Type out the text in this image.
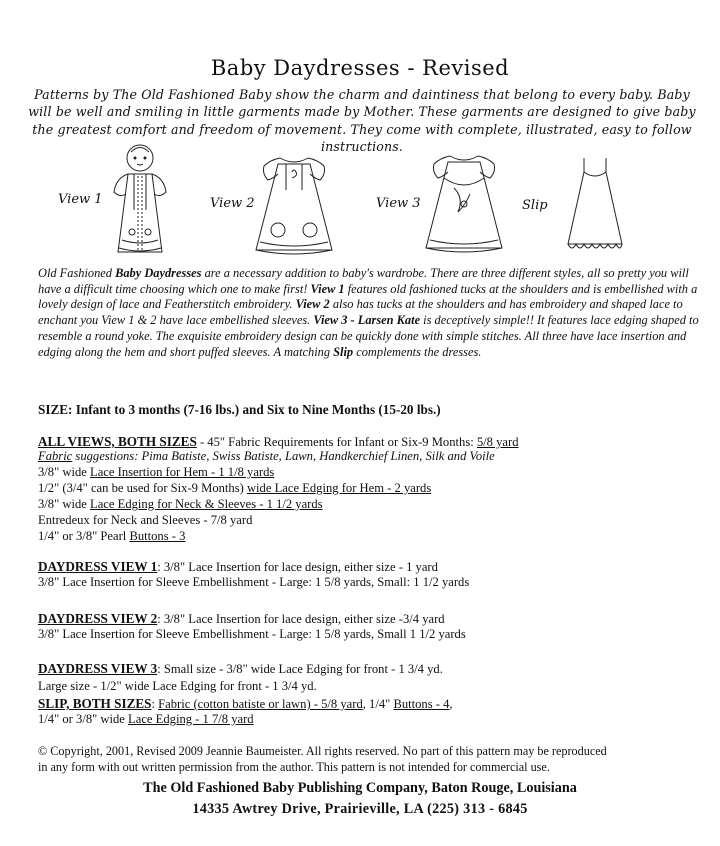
Baby Daydresses - Revised
Patterns by The Old Fashioned Baby show the charm and daintiness that belong to every baby. Baby will be well and smiling in little garments made by Mother. These garments are designed to give baby the greatest comfort and freedom of movement. They come with complete, illustrated, easy to follow instructions.
View 1	View 2	View 3	Slip
Old Fashioned Baby Daydresses are a necessary addition to baby's wardrobe. There are three different styles, all so pretty you will have a difficult time choosing which one to make first! View 1 features old fashioned tucks at the shoulders and is embellished with a lovely design of lace and Featherstitch embroidery. View 2 also has tucks at the shoulders and has embroidery and shaped lace to enchant you View 1 & 2 have lace embellished sleeves. View 3 - Larsen Kate is deceptively simple!! It features lace edging shaped to resemble a round yoke. The exquisite embroidery design can be quickly done with simple stitches. All three have lace insertion and edging along the hem and short puffed sleeves. A matching Slip complements the dresses.
SIZE: Infant to 3 months (7-16 lbs.) and Six to Nine Months (15-20 lbs.)
ALL VIEWS, BOTH SIZES - 45" Fabric Requirements for Infant or Six-9 Months: 5/8 yard
Fabric suggestions: Pima Batiste, Swiss Batiste, Lawn, Handkerchief Linen, Silk and Voile
3/8" wide Lace Insertion for Hem - 1 1/8 yards
1/2" (3/4" can be used for Six-9 Months) wide Lace Edging for Hem - 2 yards
3/8" wide Lace Edging for Neck & Sleeves - 1 1/2 yards
Entredeux for Neck and Sleeves - 7/8 yard
1/4" or 3/8" Pearl Buttons - 3
DAYDRESS VIEW 1: 3/8" Lace Insertion for lace design, either size - 1 yard
3/8" Lace Insertion for Sleeve Embellishment - Large: 1 5/8 yards, Small: 1 1/2 yards
DAYDRESS VIEW 2: 3/8" Lace Insertion for lace design, either size -3/4 yard
3/8" Lace Insertion for Sleeve Embellishment - Large: 1 5/8 yards, Small 1 1/2 yards
DAYDRESS VIEW 3: Small size - 3/8" wide Lace Edging for front - 1 3/4 yd.
Large size - 1/2" wide Lace Edging for front - 1 3/4 yd.
SLIP, BOTH SIZES: Fabric (cotton batiste or lawn) - 5/8 yard, 1/4" Buttons - 4,
1/4" or 3/8" wide Lace Edging - 1 7/8 yard
© Copyright, 2001, Revised 2009 Jeannie Baumeister. All rights reserved. No part of this pattern may be reproduced
in any form with out written permission from the author. This pattern is not intended for commercial use.
The Old Fashioned Baby Publishing Company, Baton Rouge, Louisiana
14335 Awtrey Drive, Prairieville, LA (225) 313 - 6845
